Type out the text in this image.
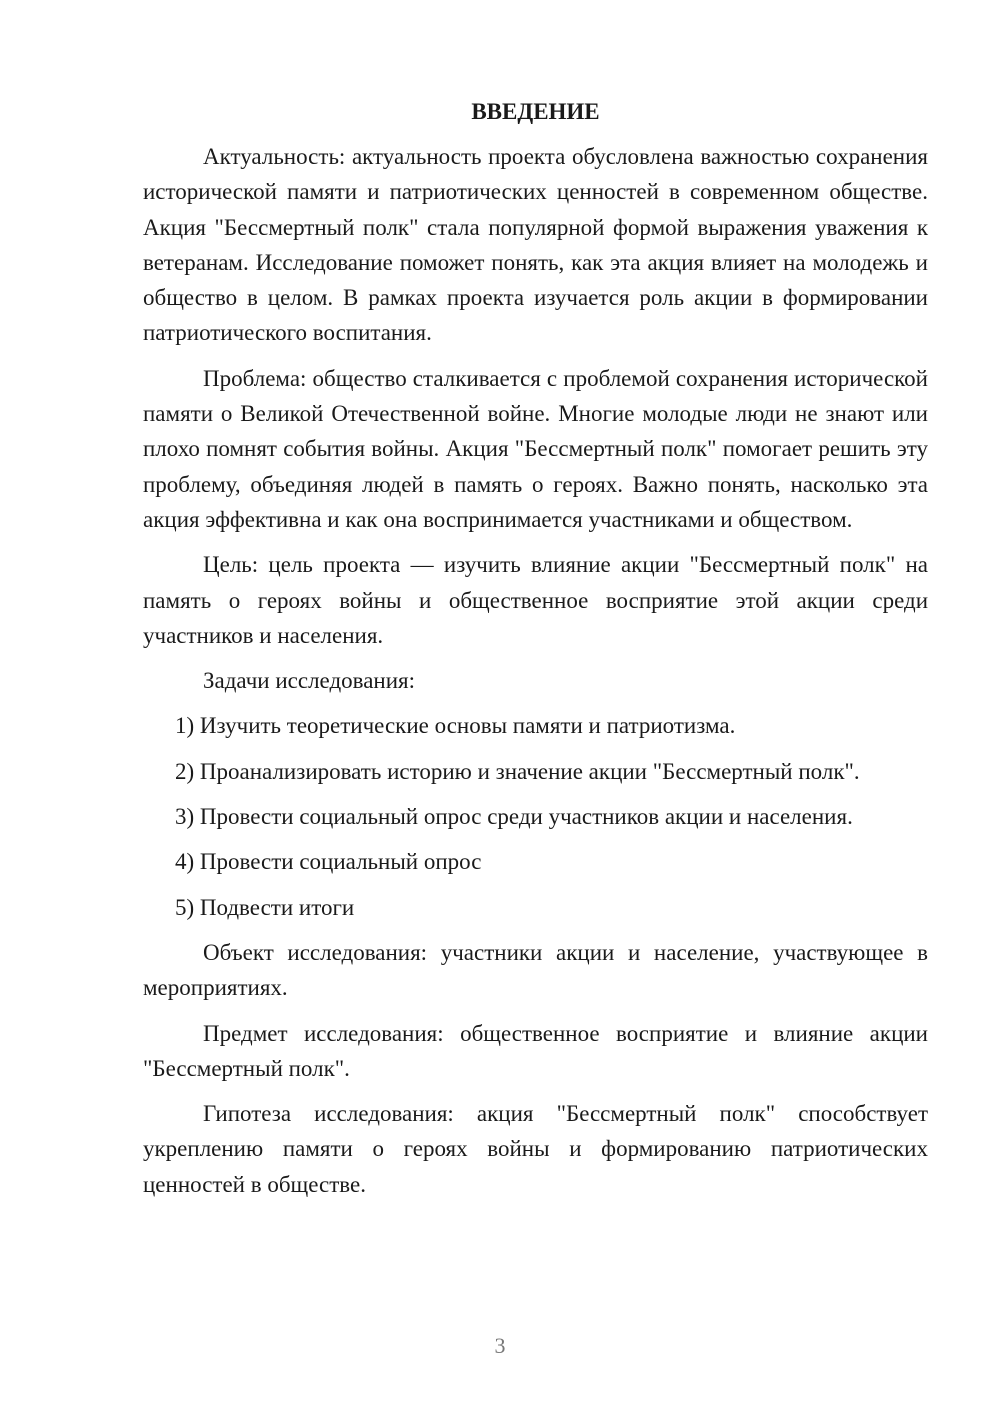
ВВЕДЕНИЕ

Актуальность: актуальность проекта обусловлена важностью сохранения исторической памяти и патриотических ценностей в современном обществе. Акция "Бессмертный полк" стала популярной формой выражения уважения к ветеранам. Исследование поможет понять, как эта акция влияет на молодежь и общество в целом. В рамках проекта изучается роль акции в формировании патриотического воспитания.

Проблема: общество сталкивается с проблемой сохранения исторической памяти о Великой Отечественной войне. Многие молодые люди не знают или плохо помнят события войны. Акция "Бессмертный полк" помогает решить эту проблему, объединяя людей в память о героях. Важно понять, насколько эта акция эффективна и как она воспринимается участниками и обществом.

Цель: цель проекта — изучить влияние акции "Бессмертный полк" на память о героях войны и общественное восприятие этой акции среди участников и населения.

Задачи исследования:

1) Изучить теоретические основы памяти и патриотизма.
2) Проанализировать историю и значение акции "Бессмертный полк".
3) Провести социальный опрос среди участников акции и населения.
4) Провести социальный опрос
5) Подвести итоги

Объект исследования: участники акции и население, участвующее в мероприятиях.

Предмет исследования: общественное восприятие и влияние акции "Бессмертный полк".

Гипотеза исследования: акция "Бессмертный полк" способствует укреплению памяти о героях войны и формированию патриотических ценностей в обществе.

3
